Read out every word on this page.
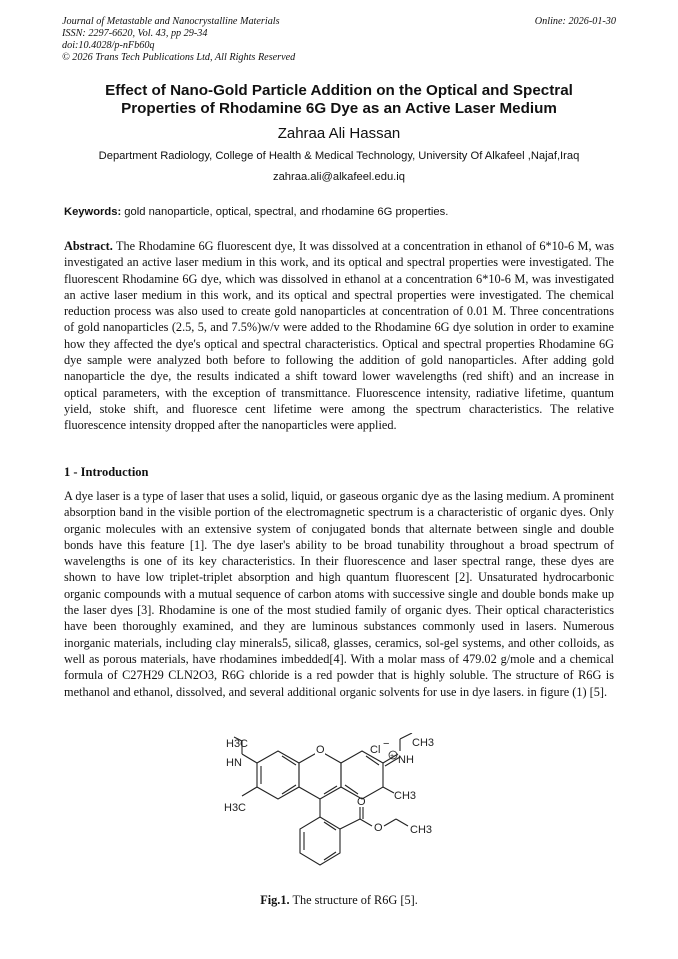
Journal of Metastable and Nanocrystalline Materials
ISSN: 2297-6620, Vol. 43, pp 29-34
doi:10.4028/p-nFb60q
© 2026 Trans Tech Publications Ltd, All Rights Reserved
Online: 2026-01-30
Effect of Nano-Gold Particle Addition on the Optical and Spectral
Properties of Rhodamine 6G Dye as an Active Laser Medium
Zahraa Ali Hassan
Department Radiology, College of Health & Medical Technology, University Of Alkafeel ,Najaf,Iraq
zahraa.ali@alkafeel.edu.iq
Keywords: gold nanoparticle, optical, spectral, and rhodamine 6G properties.
Abstract. The Rhodamine 6G fluorescent dye, It was dissolved at a concentration in ethanol of 6*10-6 M, was investigated an active laser medium in this work, and its optical and spectral properties were investigated. The fluorescent Rhodamine 6G dye, which was dissolved in ethanol at a concentration 6*10-6 M, was investigated an active laser medium in this work, and its optical and spectral properties were investigated. The chemical reduction process was also used to create gold nanoparticles at concentration of 0.01 M. Three concentrations of gold nanoparticles (2.5, 5, and 7.5%)w/v were added to the Rhodamine 6G dye solution in order to examine how they affected the dye's optical and spectral characteristics. Optical and spectral properties Rhodamine 6G dye sample were analyzed both before to following the addition of gold nanoparticles. After adding gold nanoparticle the dye, the results indicated a shift toward lower wavelengths (red shift) and an increase in optical parameters, with the exception of transmittance. Fluorescence intensity, radiative lifetime, quantum yield, stoke shift, and fluoresce cent lifetime were among the spectrum characteristics. The relative fluorescence intensity dropped after the nanoparticles were applied.
1 - Introduction
A dye laser is a type of laser that uses a solid, liquid, or gaseous organic dye as the lasing medium. A prominent absorption band in the visible portion of the electromagnetic spectrum is a characteristic of organic dyes. Only organic molecules with an extensive system of conjugated bonds that alternate between single and double bonds have this feature [1]. The dye laser's ability to be broad tunability throughout a broad spectrum of wavelengths is one of its key characteristics. In their fluorescence and laser spectral range, these dyes are shown to have low triplet-triplet absorption and high quantum fluorescent [2]. Unsaturated hydrocarbonic organic compounds with a mutual sequence of carbon atoms with successive single and double bonds make up the laser dyes [3]. Rhodamine is one of the most studied family of organic dyes. Their optical characteristics have been thoroughly examined, and they are luminous substances commonly used in lasers. Numerous inorganic materials, including clay minerals5, silica8, glasses, ceramics, sol-gel systems, and other colloids, as well as porous materials, have rhodamines imbedded[4]. With a molar mass of 479.02 g/mole and a chemical formula of C27H29 CLN2O3, R6G chloride is a red powder that is highly soluble. The structure of R6G is methanol and ethanol, dissolved, and several additional organic solvents for use in dye lasers. in figure (1) [5].
H3C
HN
H3C
Cl − CH3
NH
+
O
CH3
O
O CH3
Fig.1. The structure of R6G [5].
